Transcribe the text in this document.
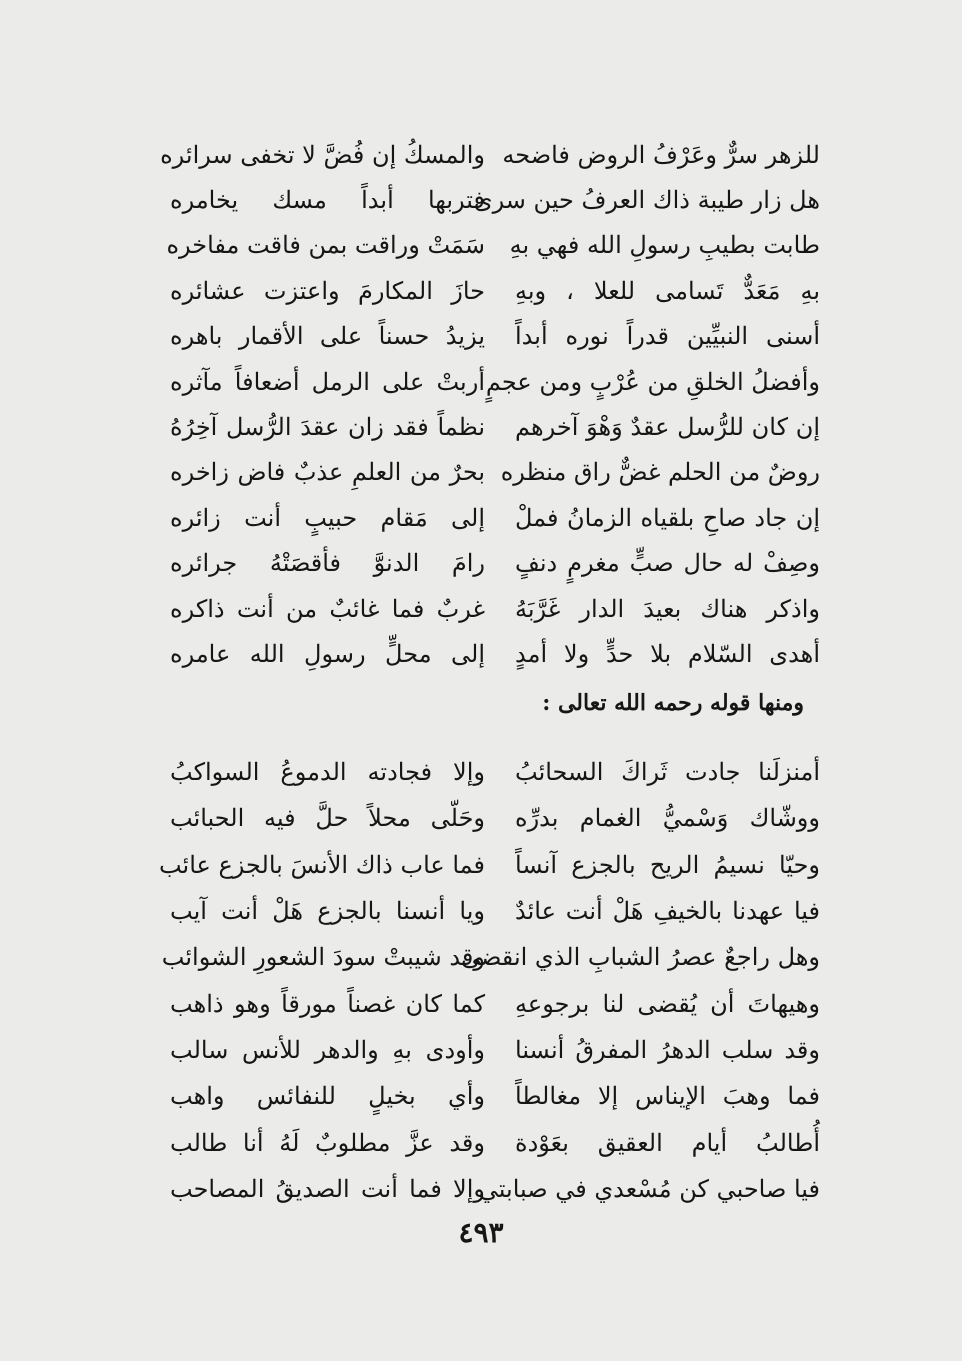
للزهر سرٌّ وعَرْفُ الروض فاضحه
هل زار طيبة ذاك العرفُ حين سرى
طابت بطيبِ رسولِ الله فهي بهِ
بهِ مَعَدٌّ تَسامى للعلا ، وبهِ
أسنى النبيِّين قدراً نوره أبداً
وأفضلُ الخلقِ من عُرْبٍ ومن عجمٍ
إن كان للرُّسل عقدٌ وَهْوَ آخرهم
روضٌ من الحلم غضٌّ راق منظره
إن جاد صاحِ بلقياه الزمانُ فملْ
وصِفْ له حال صبٍّ مغرمٍ دنفٍ
واذكر هناك بعيدَ الدار غَرَّبَهُ
أهدى السّلام بلا حدٍّ ولا أمدٍ
والمسكُ إن فُضَّ لا تخفى سرائره
فتربها أبداً مسك يخامره
سَمَتْ وراقت بمن فاقت مفاخره
حازَ المكارمَ واعتزت عشائره
يزيدُ حسناً على الأقمار باهره
أربتْ على الرمل أضعافاً مآثره
نظماً فقد زان عقدَ الرُّسل آخِرُهُ
بحرٌ من العلمِ عذبٌ فاض زاخره
إلى مَقام حبيبٍ أنت زائره
رامَ الدنوَّ فأقصَتْهُ جرائره
غربٌ فما غائبٌ من أنت ذاكره
إلى محلٍّ رسولِ الله عامره
ومنها قوله رحمه الله تعالى :
أمنزلَنا جادت ثَراكَ السحائبُ
ووشّاك وَسْميُّ الغمام بدرِّه
وحيّا نسيمُ الريح بالجزع آنساً
فيا عهدنا بالخيفِ هَلْ أنت عائدٌ
وهل راجعٌ عصرُ الشبابِ الذي انقضى
وهيهاتَ أن يُقضى لنا برجوعهِ
وقد سلب الدهرُ المفرقُ أنسنا
فما وهبَ الإيناس إلا مغالطاً
أُطالبُ أيام العقيق بعَوْدة
فيا صاحبي كن مُسْعدي في صبابتي
وإلا فجادته الدموعُ السواكبُ
وحَلّى محلاً حلَّ فيه الحبائب
فما عاب ذاك الأنسَ بالجزع عائب
ويا أنسنا بالجزع هَلْ أنت آيب
وقد شيبتْ سودَ الشعورِ الشوائب
كما كان غصناً مورقاً وهو ذاهب
وأودى بهِ والدهر للأنس سالب
وأي بخيلٍ للنفائس واهب
وقد عزَّ مطلوبٌ لَهُ أنا طالب
وإلا فما أنت الصديقُ المصاحب
٤٩٣
